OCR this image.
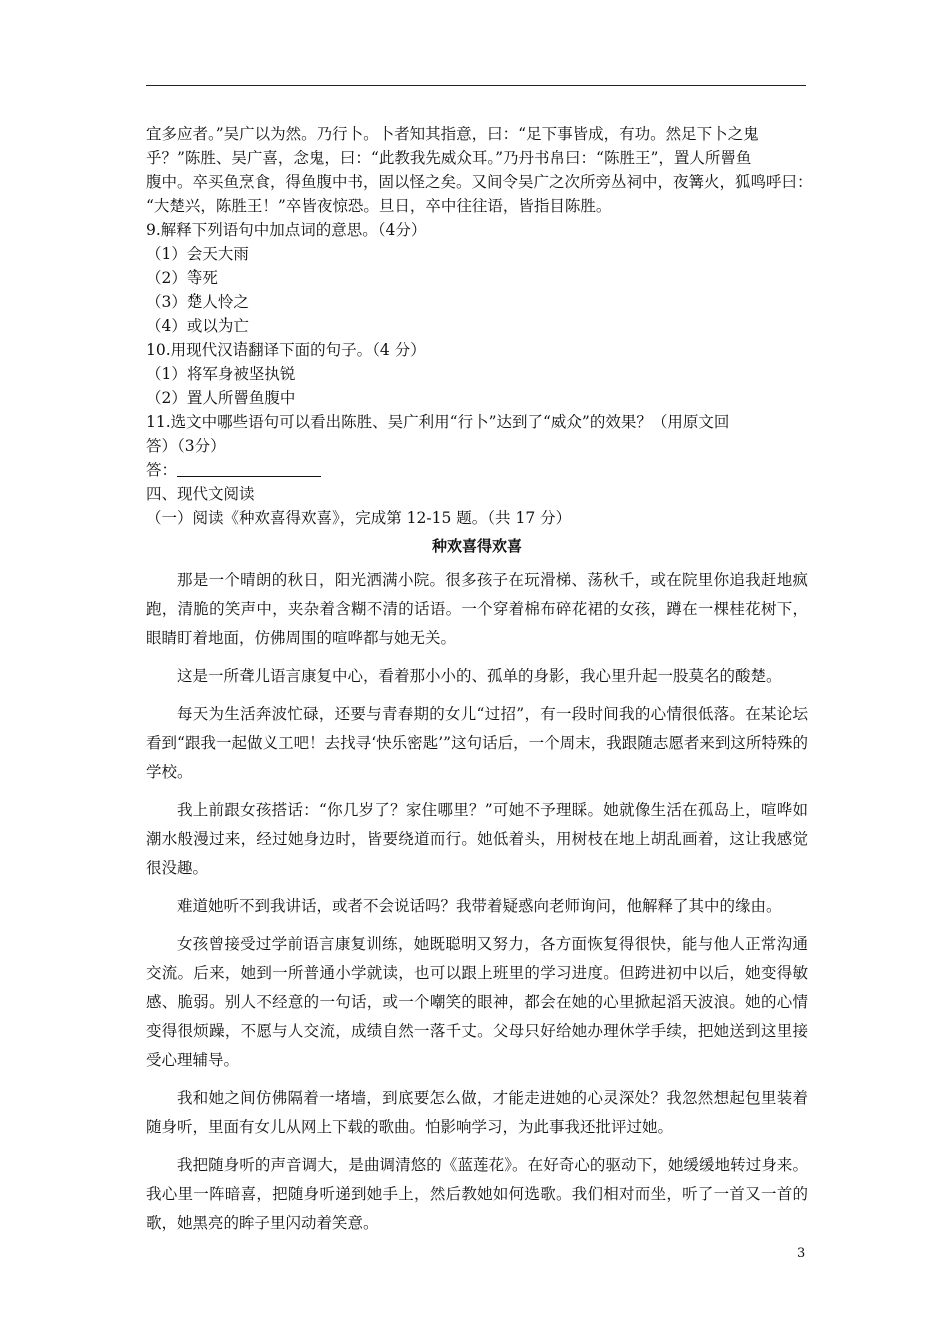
宜多应者。”吴广以为然。乃行卜。卜者知其指意，曰：“足下事皆成，有功。然足下卜之鬼
乎？”陈胜、吴广喜，念鬼，曰：“此教我先威众耳。”乃丹书帛曰：“陈胜王”，置人所罾鱼
腹中。卒买鱼烹食，得鱼腹中书，固以怪之矣。又间令吴广之次所旁丛祠中，夜篝火，狐鸣呼曰：
“大楚兴，陈胜王！”卒皆夜惊恐。旦日，卒中往往语，皆指目陈胜。
9.解释下列语句中加点词的意思。（4分）
（1）会天大雨
（2）等死
（3）楚人怜之
（4）或以为亡
10.用现代汉语翻译下面的句子。（4 分）
（1）将军身被坚执锐
（2）置人所罾鱼腹中
11.选文中哪些语句可以看出陈胜、吴广利用“行卜”达到了“威众”的效果？（用原文回
答）（3分）
答：
四、现代文阅读
（一）阅读《种欢喜得欢喜》，完成第 12-15 题。（共 17 分）
种欢喜得欢喜

那是一个晴朗的秋日，阳光洒满小院。很多孩子在玩滑梯、荡秋千，或在院里你追我赶地疯跑，清脆的笑声中，夹杂着含糊不清的话语。一个穿着棉布碎花裙的女孩，蹲在一棵桂花树下，眼睛盯着地面，仿佛周围的喧哗都与她无关。

这是一所聋儿语言康复中心，看着那小小的、孤单的身影，我心里升起一股莫名的酸楚。

每天为生活奔波忙碌，还要与青春期的女儿“过招”，有一段时间我的心情很低落。在某论坛看到“跟我一起做义工吧！去找寻‘快乐密匙’”这句话后，一个周末，我跟随志愿者来到这所特殊的学校。

我上前跟女孩搭话：“你几岁了？家住哪里？”可她不予理睬。她就像生活在孤岛上，喧哗如潮水般漫过来，经过她身边时，皆要绕道而行。她低着头，用树枝在地上胡乱画着，这让我感觉很没趣。

难道她听不到我讲话，或者不会说话吗？我带着疑惑向老师询问，他解释了其中的缘由。

女孩曾接受过学前语言康复训练，她既聪明又努力，各方面恢复得很快，能与他人正常沟通交流。后来，她到一所普通小学就读，也可以跟上班里的学习进度。但跨进初中以后，她变得敏感、脆弱。别人不经意的一句话，或一个嘲笑的眼神，都会在她的心里掀起滔天波浪。她的心情变得很烦躁，不愿与人交流，成绩自然一落千丈。父母只好给她办理休学手续，把她送到这里接受心理辅导。

我和她之间仿佛隔着一堵墙，到底要怎么做，才能走进她的心灵深处？我忽然想起包里装着随身听，里面有女儿从网上下载的歌曲。怕影响学习，为此事我还批评过她。

我把随身听的声音调大，是曲调清悠的《蓝莲花》。在好奇心的驱动下，她缓缓地转过身来。我心里一阵暗喜，把随身听递到她手上，然后教她如何选歌。我们相对而坐，听了一首又一首的歌，她黑亮的眸子里闪动着笑意。

3
